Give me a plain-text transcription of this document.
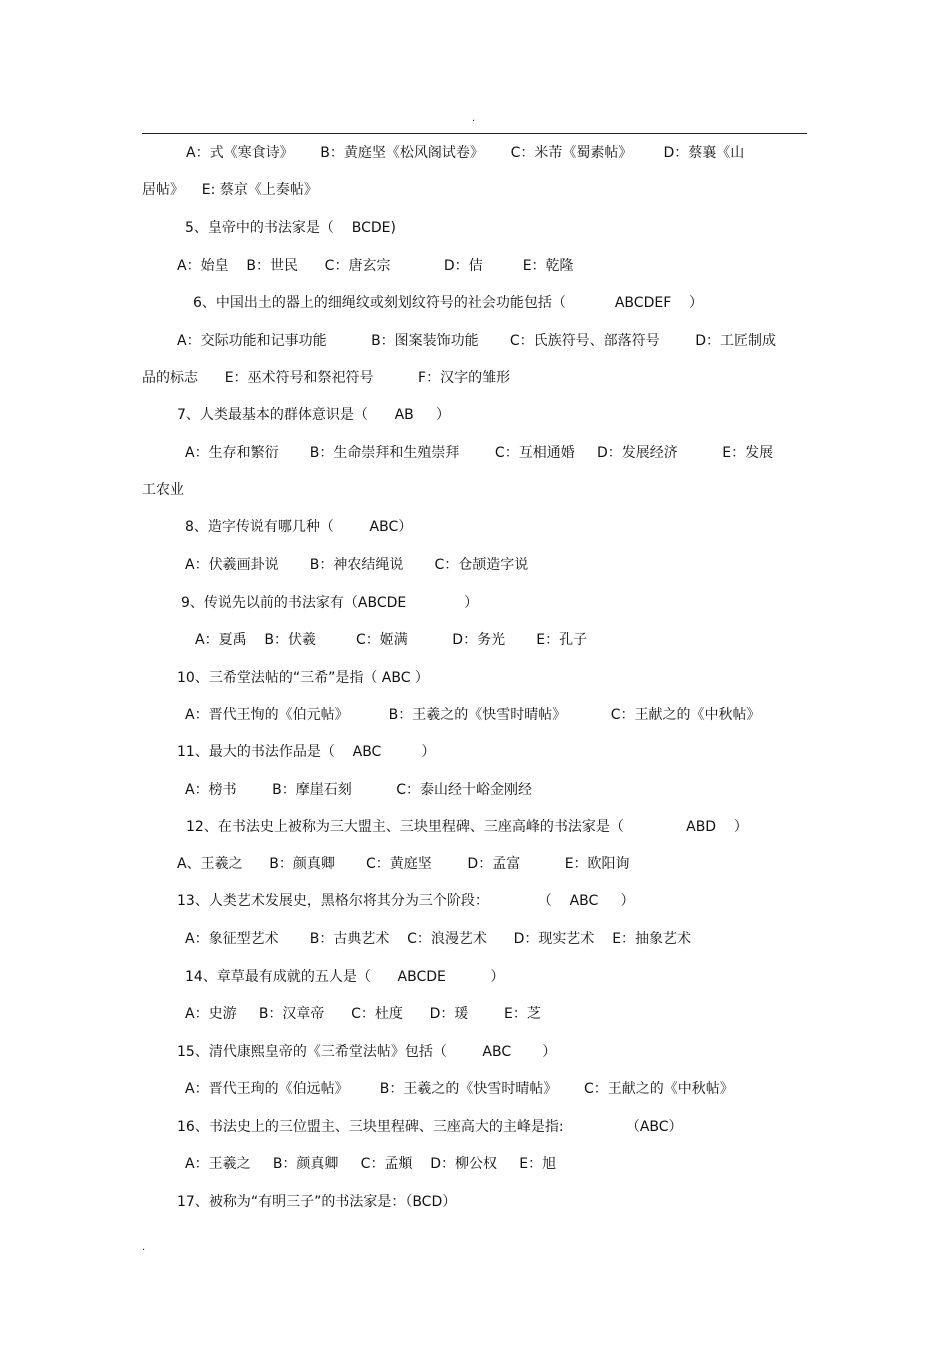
.
A：式《寒食诗》      B：黄庭坚《松风阁试卷》      C：米芾《蜀素帖》       D：蔡襄《山
居帖》    E: 蔡京《上奏帖》
5、皇帝中的书法家是（    BCDE)
A：始皇    B：世民      C：唐玄宗            D：佶         E：乾隆
6、中国出土的器上的细绳纹或刻划纹符号的社会功能包括（           ABCDEF    ）
A：交际功能和记事功能          B：图案装饰功能       C：氏族符号、部落符号        D：工匠制成
品的标志      E：巫术符号和祭祀符号          F：汉字的雏形
7、人类最基本的群体意识是（      AB     ）
A：生存和繁衍       B：生命崇拜和生殖崇拜        C：互相通婚     D：发展经济          E：发展
工农业
8、造字传说有哪几种（        ABC）
A：伏羲画卦说       B：神农结绳说       C：仓颉造字说
9、传说先以前的书法家有（ABCDE             ）
A：夏禹    B：伏羲         C：姬满          D：务光       E：孔子
10、三希堂法帖的“三希”是指（ ABC ）
A：晋代王恂的《伯元帖》         B：王羲之的《快雪时晴帖》          C：王献之的《中秋帖》
11、最大的书法作品是（    ABC         ）
A：榜书        B：摩崖石刻          C：泰山经十峪金刚经
12、在书法史上被称为三大盟主、三块里程碑、三座高峰的书法家是（              ABD    ）
A、王羲之      B：颜真卿       C：黄庭坚        D：孟富          E：欧阳询
13、人类艺术发展史，黑格尔将其分为三个阶段：           （    ABC     ）
A：象征型艺术       B：古典艺术    C：浪漫艺术      D：现实艺术    E：抽象艺术
14、章草最有成就的五人是（      ABCDE          ）
A：史游     B：汉章帝      C：杜度      D：瑗        E：芝
15、清代康熙皇帝的《三希堂法帖》包括（        ABC       ）
A：晋代王珣的《伯远帖》       B：王羲之的《快雪时晴帖》      C：王献之的《中秋帖》
16、书法史上的三位盟主、三块里程碑、三座高大的主峰是指:              （ABC）
A：王羲之     B：颜真卿     C：孟頫    D：柳公权     E：旭
17、被称为“有明三子”的书法家是：（BCD）
.
